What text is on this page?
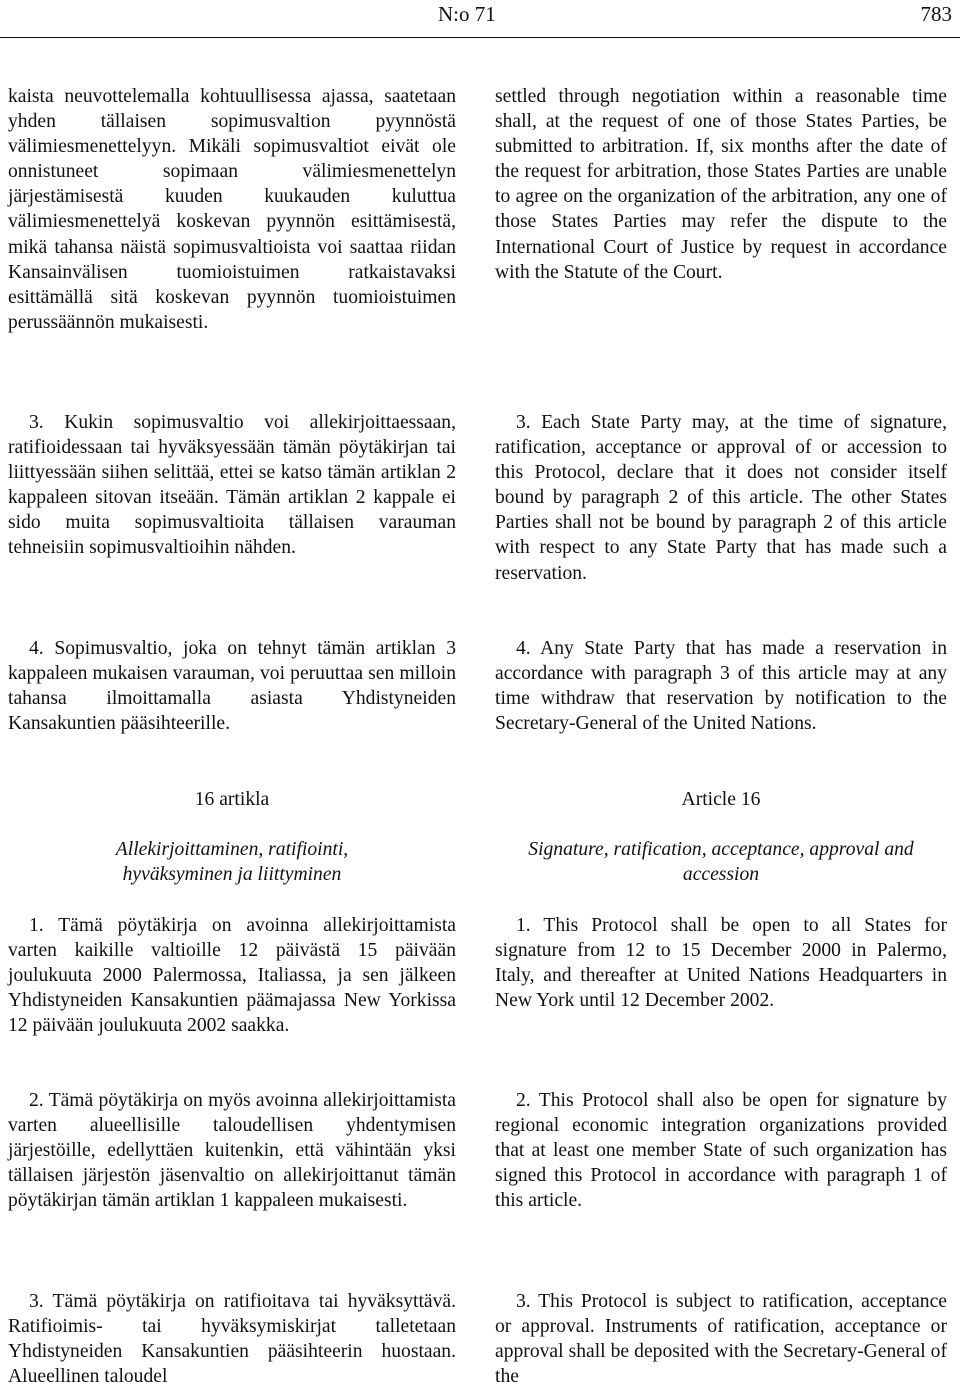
N:o 71	783

kaista neuvottelemalla kohtuullisessa ajassa, saatetaan yhden tällaisen sopimusvaltion pyynnöstä välimiesmenettelyyn. Mikäli sopimusvaltiot eivät ole onnistuneet sopimaan välimiesmenettelyn järjestämisestä kuuden kuukauden kuluttua välimiesmenettelyä koskevan pyynnön esittämisestä, mikä tahansa näistä sopimusvaltioista voi saattaa riidan Kansainvälisen tuomioistuimen ratkaistavaksi esittämällä sitä koskevan pyynnön tuomioistuimen perussäännön mukaisesti.

3. Kukin sopimusvaltio voi allekirjoittaessaan, ratifioidessaan tai hyväksyessään tämän pöytäkirjan tai liittyessään siihen selittää, ettei se katso tämän artiklan 2 kappaleen sitovan itseään. Tämän artiklan 2 kappale ei sido muita sopimusvaltioita tällaisen varauman tehneisiin sopimusvaltioihin nähden.

4. Sopimusvaltio, joka on tehnyt tämän artiklan 3 kappaleen mukaisen varauman, voi peruuttaa sen milloin tahansa ilmoittamalla asiasta Yhdistyneiden Kansakuntien pääsihteerille.

16 artikla

Allekirjoittaminen, ratifiointi, hyväksyminen ja liittyminen

1. Tämä pöytäkirja on avoinna allekirjoittamista varten kaikille valtioille 12 päivästä 15 päivään joulukuuta 2000 Palermossa, Italiassa, ja sen jälkeen Yhdistyneiden Kansakuntien päämajassa New Yorkissa 12 päivään joulukuuta 2002 saakka.

2. Tämä pöytäkirja on myös avoinna allekirjoittamista varten alueellisille taloudellisen yhdentymisen järjestöille, edellyttäen kuitenkin, että vähintään yksi tällaisen järjestön jäsenvaltio on allekirjoittanut tämän pöytäkirjan tämän artiklan 1 kappaleen mukaisesti.

3. Tämä pöytäkirja on ratifioitava tai hyväksyttävä. Ratifioimis- tai hyväksymiskirjat talletetaan Yhdistyneiden Kansakuntien pääsihteerin huostaan. Alueellinen taloudel

settled through negotiation within a reasonable time shall, at the request of one of those States Parties, be submitted to arbitration. If, six months after the date of the request for arbitration, those States Parties are unable to agree on the organization of the arbitration, any one of those States Parties may refer the dispute to the International Court of Justice by request in accordance with the Statute of the Court.

3. Each State Party may, at the time of signature, ratification, acceptance or approval of or accession to this Protocol, declare that it does not consider itself bound by paragraph 2 of this article. The other States Parties shall not be bound by paragraph 2 of this article with respect to any State Party that has made such a reservation.

4. Any State Party that has made a reservation in accordance with paragraph 3 of this article may at any time withdraw that reservation by notification to the Secretary-General of the United Nations.

Article 16

Signature, ratification, acceptance, approval and accession

1. This Protocol shall be open to all States for signature from 12 to 15 December 2000 in Palermo, Italy, and thereafter at United Nations Headquarters in New York until 12 December 2002.

2. This Protocol shall also be open for signature by regional economic integration organizations provided that at least one member State of such organization has signed this Protocol in accordance with paragraph 1 of this article.

3. This Protocol is subject to ratification, acceptance or approval. Instruments of ratification, acceptance or approval shall be deposited with the Secretary-General of the
